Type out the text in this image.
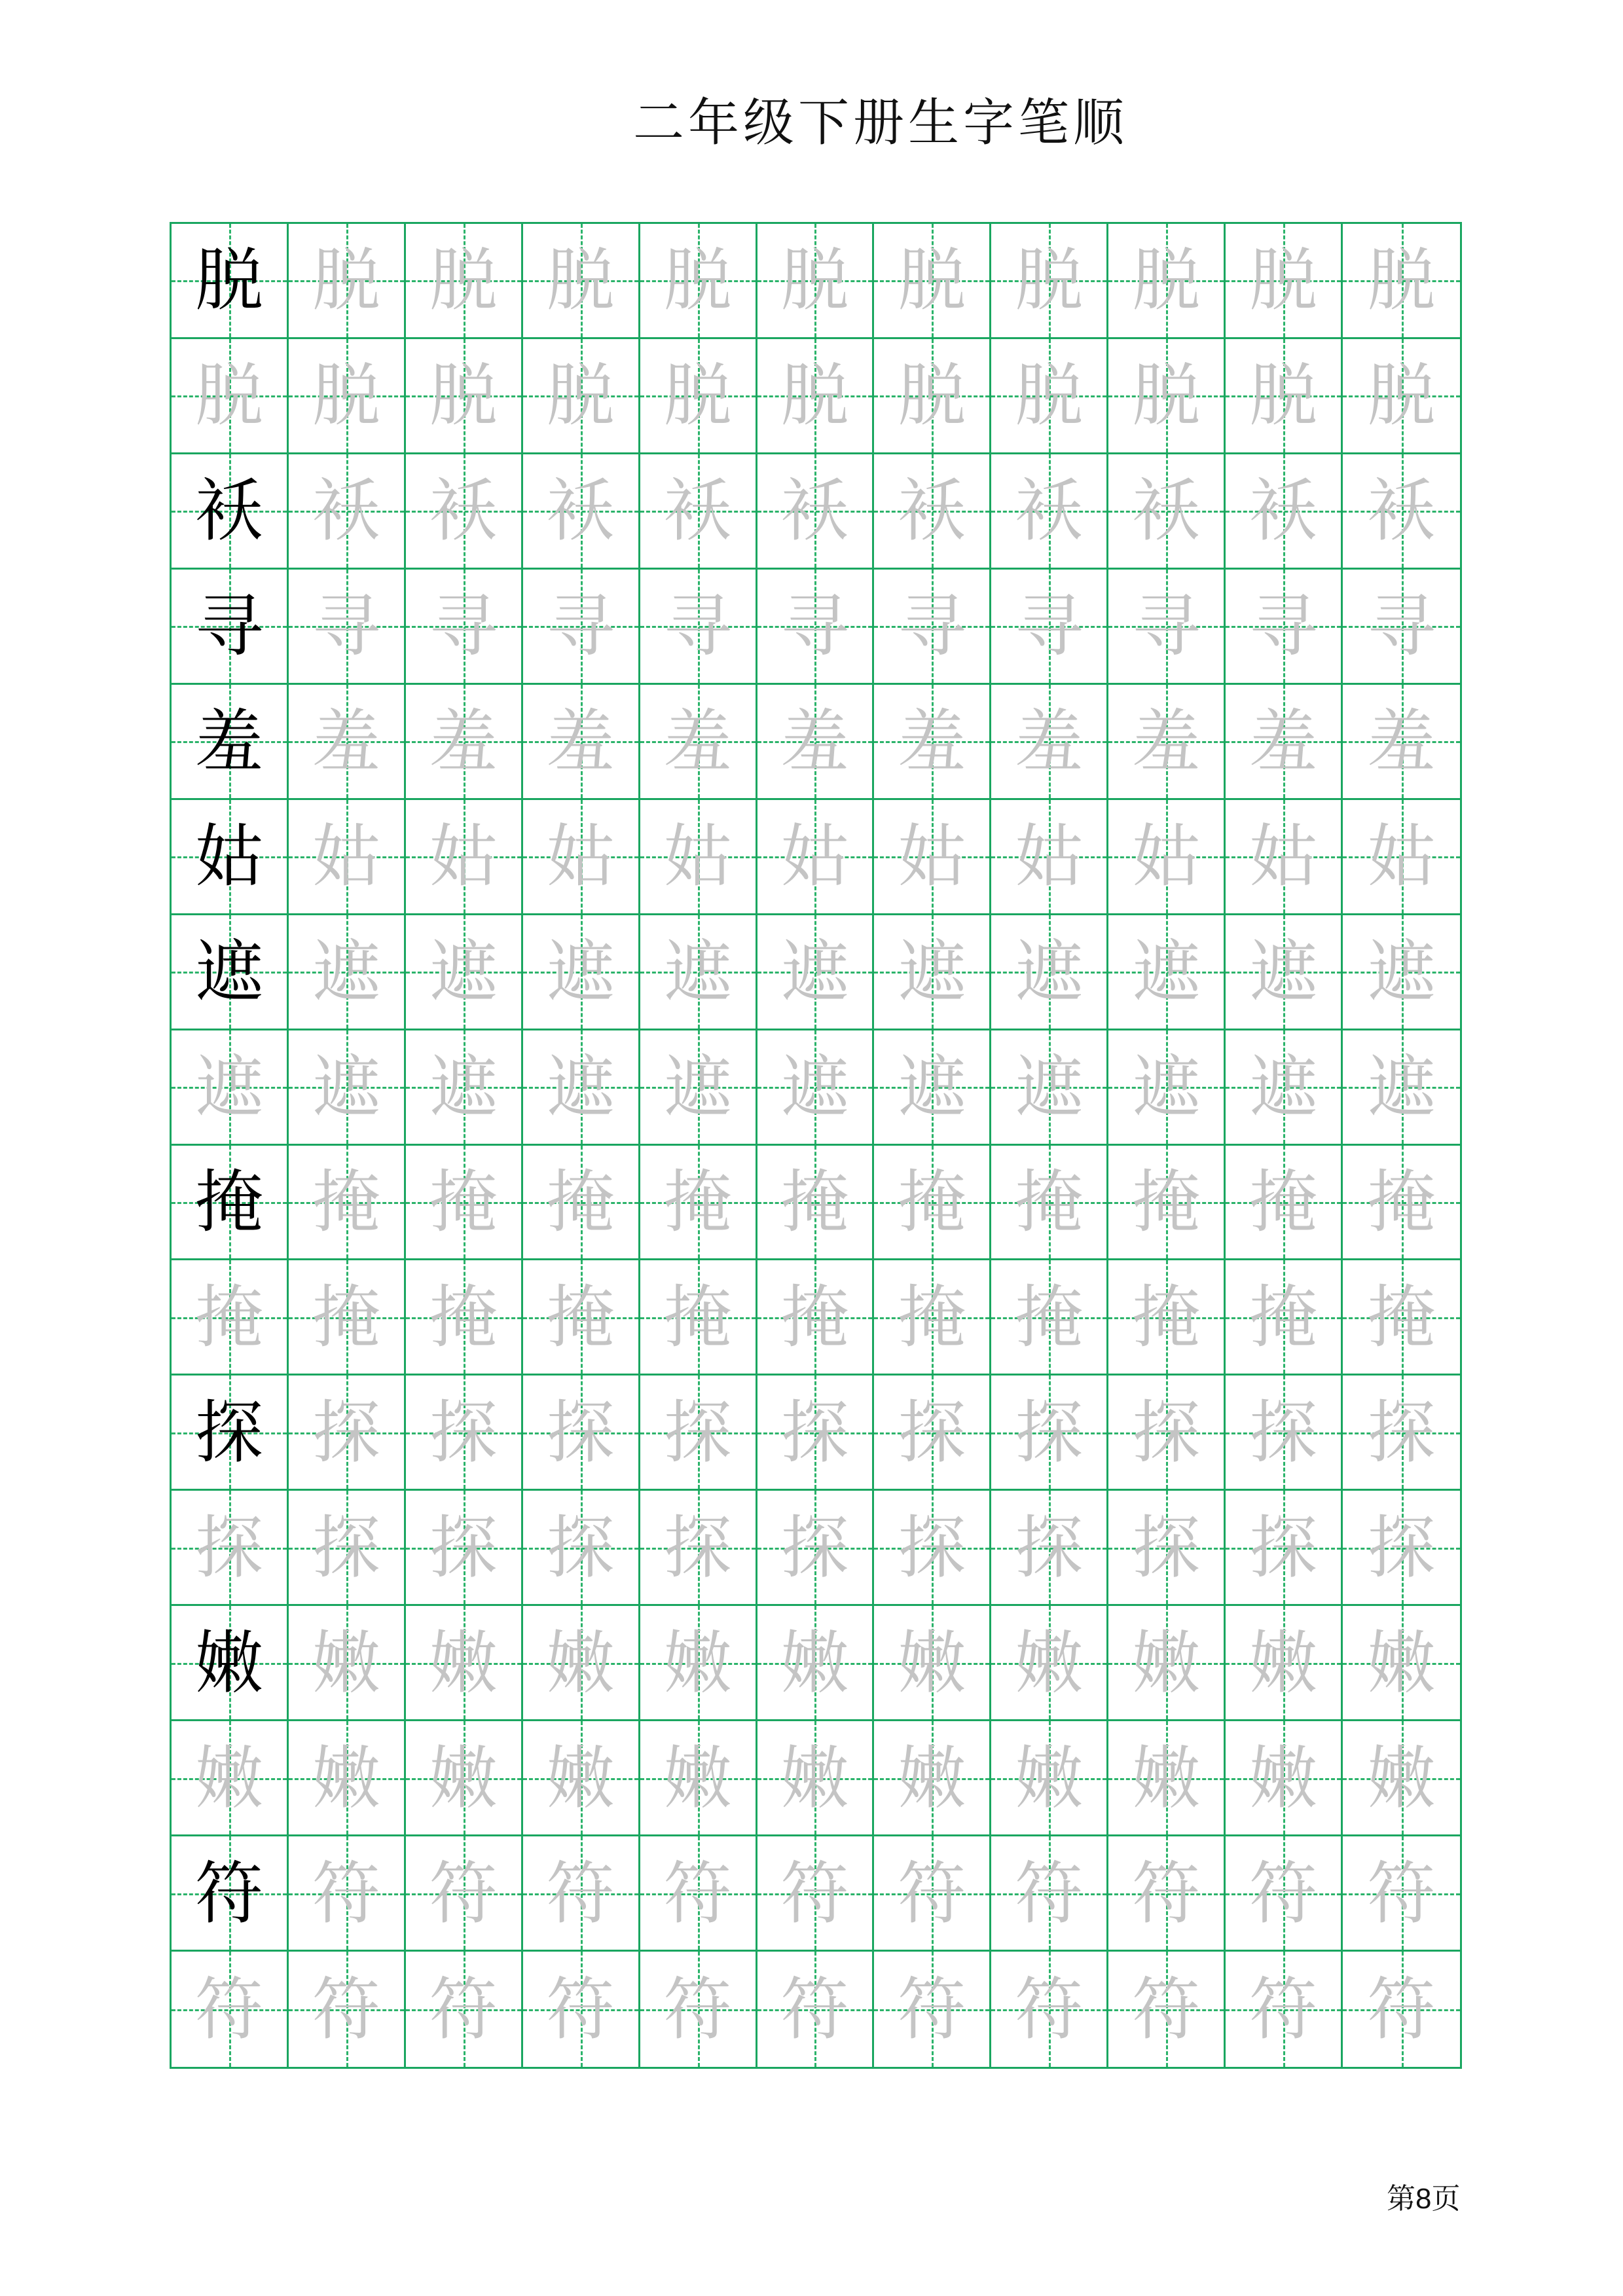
二年级下册生字笔顺
脱 脱 脱 脱 脱 脱 脱 脱 脱 脱 脱
脱 脱 脱 脱 脱 脱 脱 脱 脱 脱 脱
袄 袄 袄 袄 袄 袄 袄 袄 袄 袄 袄
寻 寻 寻 寻 寻 寻 寻 寻 寻 寻 寻
羞 羞 羞 羞 羞 羞 羞 羞 羞 羞 羞
姑 姑 姑 姑 姑 姑 姑 姑 姑 姑 姑
遮 遮 遮 遮 遮 遮 遮 遮 遮 遮 遮
遮 遮 遮 遮 遮 遮 遮 遮 遮 遮 遮
掩 掩 掩 掩 掩 掩 掩 掩 掩 掩 掩
掩 掩 掩 掩 掩 掩 掩 掩 掩 掩 掩
探 探 探 探 探 探 探 探 探 探 探
探 探 探 探 探 探 探 探 探 探 探
嫩 嫩 嫩 嫩 嫩 嫩 嫩 嫩 嫩 嫩 嫩
嫩 嫩 嫩 嫩 嫩 嫩 嫩 嫩 嫩 嫩 嫩
符 符 符 符 符 符 符 符 符 符 符
符 符 符 符 符 符 符 符 符 符 符
第8页
